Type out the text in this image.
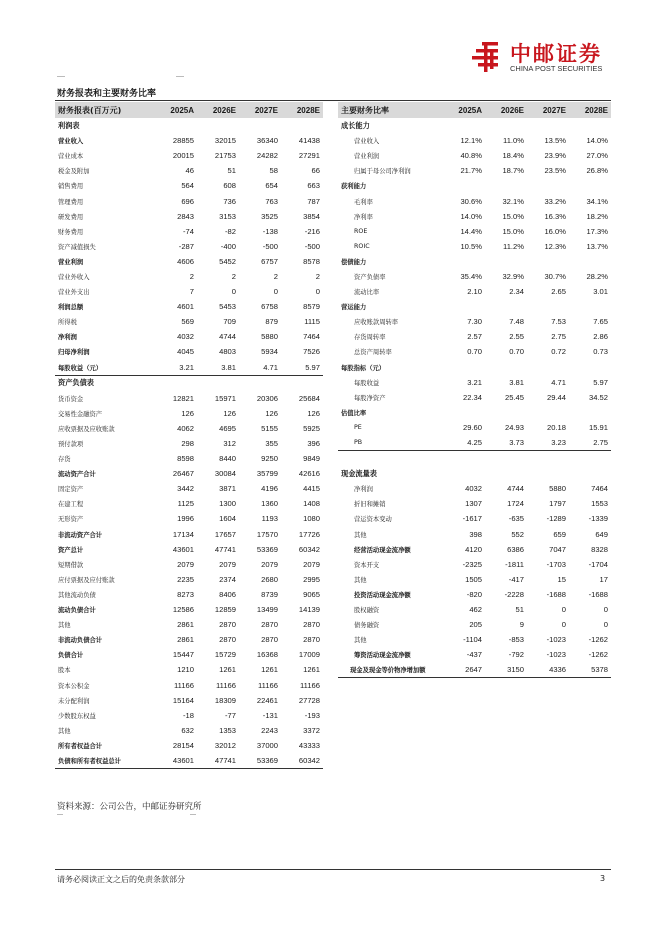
中邮证券
CHINA POST SECURITIES
财务报表和主要财务比率
财务报表(百万元)	2025A	2026E	2027E	2028E
利润表				
营业收入	28855	32015	36340	41438
营业成本	20015	21753	24282	27291
税金及附加	46	51	58	66
销售费用	564	608	654	663
管理费用	696	736	763	787
研发费用	2843	3153	3525	3854
财务费用	-74	-82	-138	-216
资产减值损失	-287	-400	-500	-500
营业利润	4606	5452	6757	8578
营业外收入	2	2	2	2
营业外支出	7	0	0	0
利润总额	4601	5453	6758	8579
所得税	569	709	879	1115
净利润	4032	4744	5880	7464
归母净利润	4045	4803	5934	7526
每股收益（元）	3.21	3.81	4.71	5.97
资产负债表				
货币资金	12821	15971	20306	25684
交易性金融资产	126	126	126	126
应收票据及应收账款	4062	4695	5155	5925
预付款项	298	312	355	396
存货	8598	8440	9250	9849
流动资产合计	26467	30084	35799	42616
固定资产	3442	3871	4196	4415
在建工程	1125	1300	1360	1408
无形资产	1996	1604	1193	1080
非流动资产合计	17134	17657	17570	17726
资产总计	43601	47741	53369	60342
短期借款	2079	2079	2079	2079
应付票据及应付账款	2235	2374	2680	2995
其他流动负债	8273	8406	8739	9065
流动负债合计	12586	12859	13499	14139
其他	2861	2870	2870	2870
非流动负债合计	2861	2870	2870	2870
负债合计	15447	15729	16368	17009
股本	1210	1261	1261	1261
资本公积金	11166	11166	11166	11166
未分配利润	15164	18309	22461	27728
少数股东权益	-18	-77	-131	-193
其他	632	1353	2243	3372
所有者权益合计	28154	32012	37000	43333
负债和所有者权益总计	43601	47741	53369	60342
主要财务比率	2025A	2026E	2027E	2028E
成长能力				
营业收入	12.1%	11.0%	13.5%	14.0%
营业利润	40.8%	18.4%	23.9%	27.0%
归属于母公司净利润	21.7%	18.7%	23.5%	26.8%
获利能力				
毛利率	30.6%	32.1%	33.2%	34.1%
净利率	14.0%	15.0%	16.3%	18.2%
ROE	14.4%	15.0%	16.0%	17.3%
ROIC	10.5%	11.2%	12.3%	13.7%
偿债能力				
资产负债率	35.4%	32.9%	30.7%	28.2%
流动比率	2.10	2.34	2.65	3.01
营运能力				
应收账款周转率	7.30	7.48	7.53	7.65
存货周转率	2.57	2.55	2.75	2.86
总资产周转率	0.70	0.70	0.72	0.73
每股指标（元）				
每股收益	3.21	3.81	4.71	5.97
每股净资产	22.34	25.45	29.44	34.52
估值比率				
PE	29.60	24.93	20.18	15.91
PB	4.25	3.73	3.23	2.75

现金流量表				
净利润	4032	4744	5880	7464
折旧和摊销	1307	1724	1797	1553
营运资本变动	-1617	-635	-1289	-1339
其他	398	552	659	649
经营活动现金流净额	4120	6386	7047	8328
资本开支	-2325	-1811	-1703	-1704
其他	1505	-417	15	17
投资活动现金流净额	-820	-2228	-1688	-1688
股权融资	462	51	0	0
债务融资	205	9	0	0
其他	-1104	-853	-1023	-1262
筹资活动现金流净额	-437	-792	-1023	-1262
现金及现金等价物净增加额	2647	3150	4336	5378
资料来源：公司公告，中邮证券研究所
请务必阅读正文之后的免责条款部分	3
